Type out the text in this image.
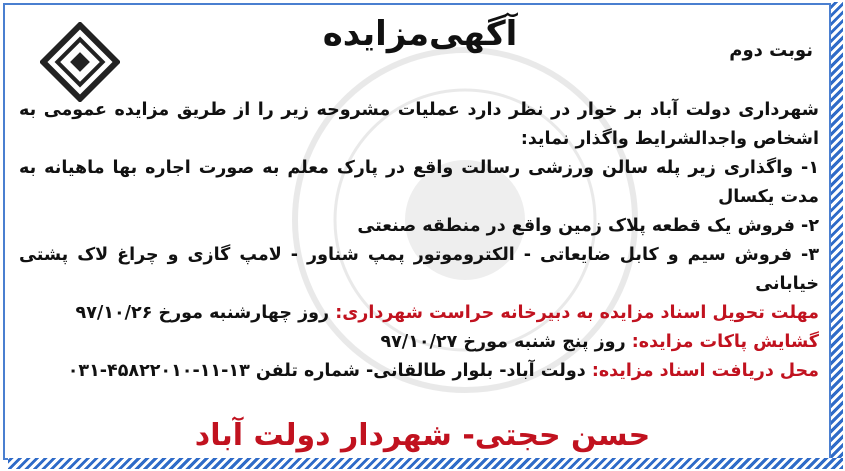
آگهی‌مزایده	نوبت دوم

شهرداری دولت آباد بر خوار در نظر دارد عملیات مشروحه زیر را از طریق مزایده عمومی به اشخاص واجدالشرایط واگذار نماید:

۱- واگذاری زیر پله سالن ورزشی رسالت واقع در پارک معلم به صورت اجاره بها ماهیانه به مدت یکسال

۲- فروش یک قطعه پلاک زمین واقع در منطقه صنعتی

۳- فروش سیم و کابل ضایعاتی - الکتروموتور پمپ شناور - لامپ گازی و چراغ لاک پشتی خیابانی

مهلت تحویل اسناد مزایده به دبیرخانه حراست شهرداری: روز چهارشنبه مورخ ۹۷/۱۰/۲۶

گشایش پاکات مزایده: روز پنج شنبه مورخ ۹۷/۱۰/۲۷

محل دریافت اسناد مزایده: دولت آباد- بلوار طالقانی- شماره تلفن ۱۳-۱۱-۴۵۸۲۲۰۱۰-۰۳۱

حسن حجتی- شهردار دولت آباد
